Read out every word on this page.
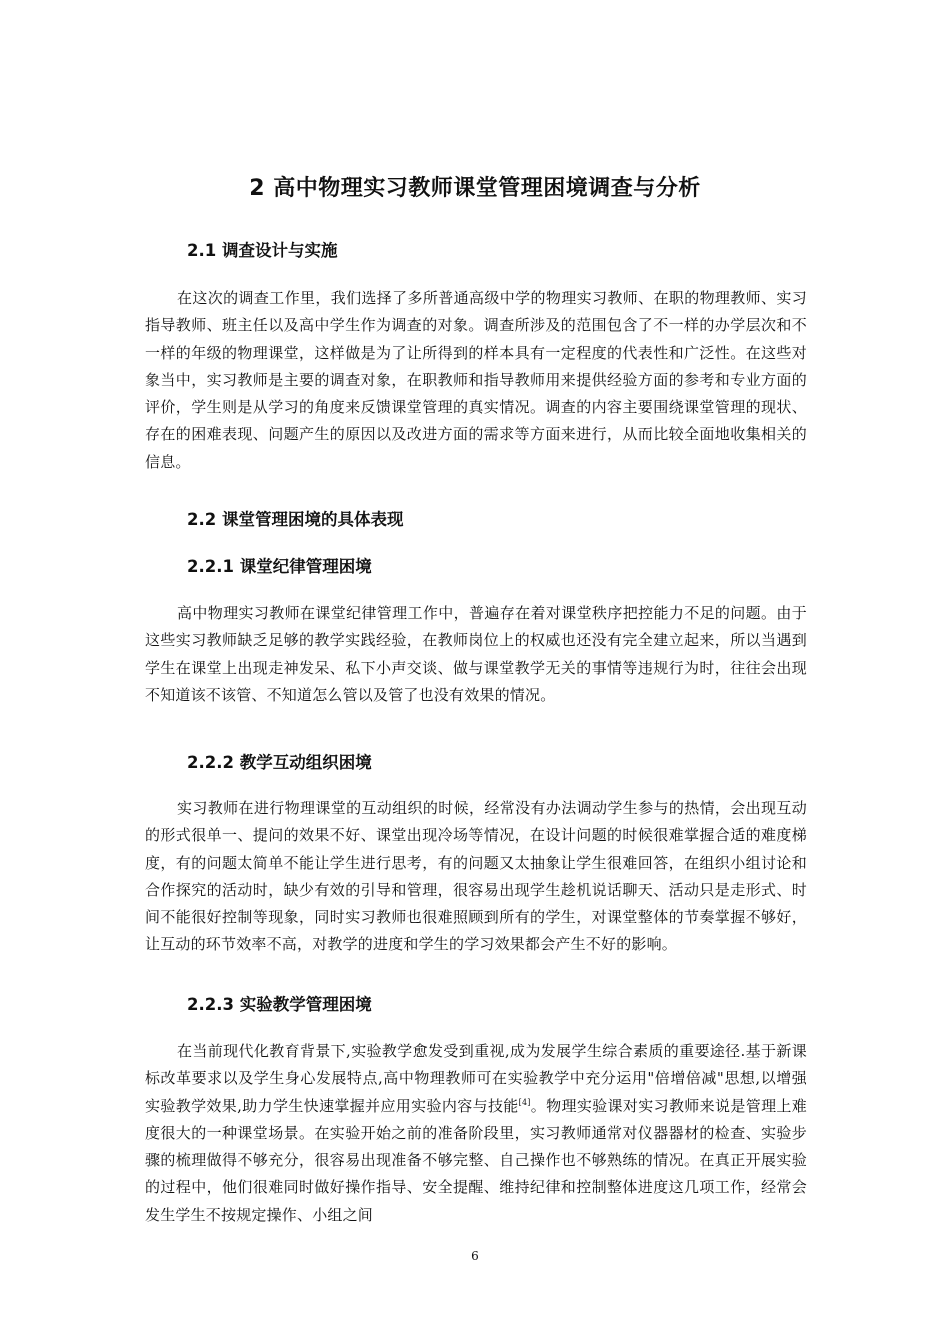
2 高中物理实习教师课堂管理困境调查与分析
2.1 调查设计与实施

在这次的调查工作里，我们选择了多所普通高级中学的物理实习教师、在职的物理教师、实习指导教师、班主任以及高中学生作为调查的对象。调查所涉及的范围包含了不一样的办学层次和不一样的年级的物理课堂，这样做是为了让所得到的样本具有一定程度的代表性和广泛性。在这些对象当中，实习教师是主要的调查对象，在职教师和指导教师用来提供经验方面的参考和专业方面的评价，学生则是从学习的角度来反馈课堂管理的真实情况。调查的内容主要围绕课堂管理的现状、存在的困难表现、问题产生的原因以及改进方面的需求等方面来进行，从而比较全面地收集相关的信息。

2.2 课堂管理困境的具体表现
2.2.1 课堂纪律管理困境

高中物理实习教师在课堂纪律管理工作中，普遍存在着对课堂秩序把控能力不足的问题。由于这些实习教师缺乏足够的教学实践经验，在教师岗位上的权威也还没有完全建立起来，所以当遇到学生在课堂上出现走神发呆、私下小声交谈、做与课堂教学无关的事情等违规行为时，往往会出现不知道该不该管、不知道怎么管以及管了也没有效果的情况。

2.2.2 教学互动组织困境

实习教师在进行物理课堂的互动组织的时候，经常没有办法调动学生参与的热情，会出现互动的形式很单一、提问的效果不好、课堂出现冷场等情况，在设计问题的时候很难掌握合适的难度梯度，有的问题太简单不能让学生进行思考，有的问题又太抽象让学生很难回答，在组织小组讨论和合作探究的活动时，缺少有效的引导和管理，很容易出现学生趁机说话聊天、活动只是走形式、时间不能很好控制等现象，同时实习教师也很难照顾到所有的学生，对课堂整体的节奏掌握不够好，让互动的环节效率不高，对教学的进度和学生的学习效果都会产生不好的影响。

2.2.3 实验教学管理困境

在当前现代化教育背景下,实验教学愈发受到重视,成为发展学生综合素质的重要途径.基于新课标改革要求以及学生身心发展特点,高中物理教师可在实验教学中充分运用"倍增倍减"思想,以增强实验教学效果,助力学生快速掌握并应用实验内容与技能[4]。物理实验课对实习教师来说是管理上难度很大的一种课堂场景。在实验开始之前的准备阶段里，实习教师通常对仪器器材的检查、实验步骤的梳理做得不够充分，很容易出现准备不够完整、自己操作也不够熟练的情况。在真正开展实验的过程中，他们很难同时做好操作指导、安全提醒、维持纪律和控制整体进度这几项工作，经常会发生学生不按规定操作、小组之间

6
